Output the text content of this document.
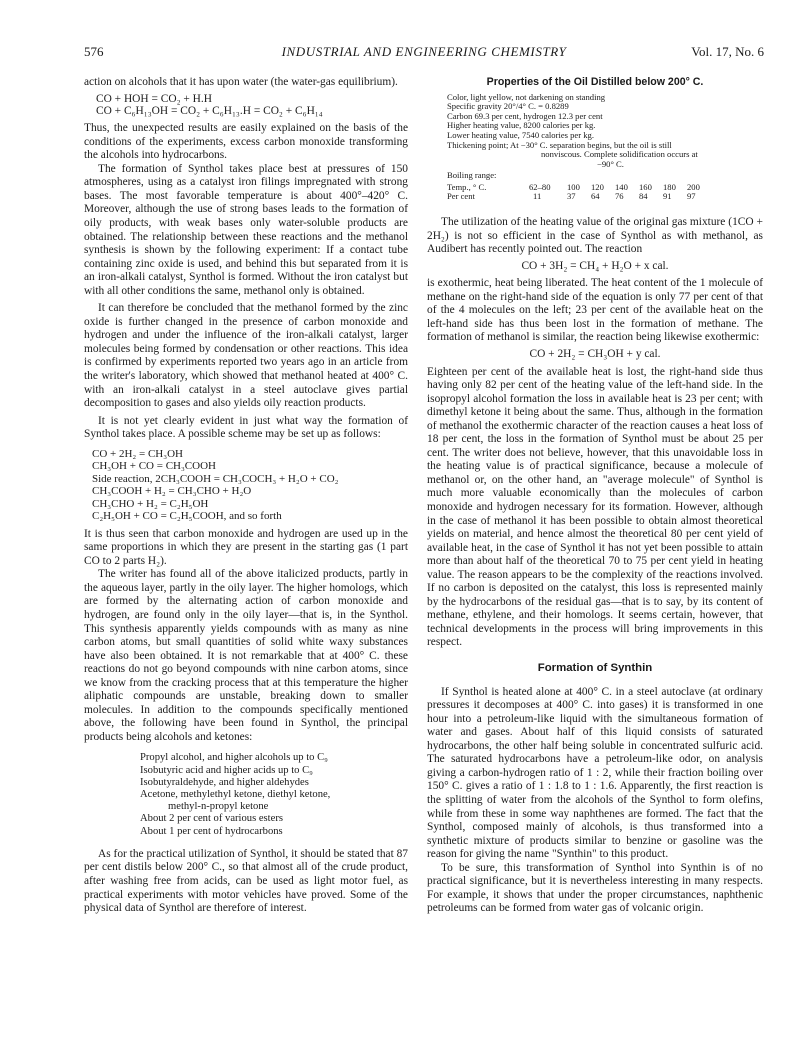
576	INDUSTRIAL AND ENGINEERING CHEMISTRY	Vol. 17, No. 6

action on alcohols that it has upon water (the water-gas equilibrium).

CO + HOH = CO₂ + H.H
CO + C₆H₁₃OH = CO₂ + C₆H₁₃.H = CO₂ + C₆H₁₄

Thus, the unexpected results are easily explained on the basis of the conditions of the experiments, excess carbon monoxide transforming the alcohols into hydrocarbons.

The formation of Synthol takes place best at pressures of 150 atmospheres, using as a catalyst iron filings impregnated with strong bases. The most favorable temperature is about 400°–420° C. Moreover, although the use of strong bases leads to the formation of oily products, with weak bases only water-soluble products are obtained. The relationship between these reactions and the methanol synthesis is shown by the following experiment: If a contact tube containing zinc oxide is used, and behind this but separated from it is an iron-alkali catalyst, Synthol is formed. Without the iron catalyst but with all other conditions the same, methanol only is obtained.

It can therefore be concluded that the methanol formed by the zinc oxide is further changed in the presence of carbon monoxide and hydrogen and under the influence of the iron-alkali catalyst, larger molecules being formed by condensation or other reactions. This idea is confirmed by experiments reported two years ago in an article from the writer's laboratory, which showed that methanol heated at 400° C. with an iron-alkali catalyst in a steel autoclave gives partial decomposition to gases and also yields oily reaction products.

It is not yet clearly evident in just what way the formation of Synthol takes place. A possible scheme may be set up as follows:

CO + 2H₂ = CH₃OH
CH₃OH + CO = CH₃COOH
Side reaction, 2CH₃COOH = CH₃COCH₃ + H₂O + CO₂
CH₃COOH + H₂ = CH₃CHO + H₂O
CH₃CHO + H₂ = C₂H₅OH
C₂H₅OH + CO = C₂H₅COOH, and so forth

It is thus seen that carbon monoxide and hydrogen are used up in the same proportions in which they are present in the starting gas (1 part CO to 2 parts H₂).

The writer has found all of the above italicized products, partly in the aqueous layer, partly in the oily layer. The higher homologs, which are formed by the alternating action of carbon monoxide and hydrogen, are found only in the oily layer—that is, in the Synthol. This synthesis apparently yields compounds with as many as nine carbon atoms, but small quantities of solid white waxy substances have also been obtained. It is not remarkable that at 400° C. these reactions do not go beyond compounds with nine carbon atoms, since we know from the cracking process that at this temperature the higher aliphatic compounds are unstable, breaking down to smaller molecules. In addition to the compounds specifically mentioned above, the following have been found in Synthol, the principal products being alcohols and ketones:

Propyl alcohol, and higher alcohols up to C₉
Isobutyric acid and higher acids up to C₉
Isobutyraldehyde, and higher aldehydes
Acetone, methylethyl ketone, diethyl ketone,
methyl-n-propyl ketone
About 2 per cent of various esters
About 1 per cent of hydrocarbons

As for the practical utilization of Synthol, it should be stated that 87 per cent distils below 200° C., so that almost all of the crude product, after washing free from acids, can be used as light motor fuel, as practical experiments with motor vehicles have proved. Some of the physical data of Synthol are therefore of interest.

Properties of the Oil Distilled below 200° C.
Color, light yellow, not darkening on standing
Specific gravity 20°/4° C. = 0.8289
Carbon 69.3 per cent, hydrogen 12.3 per cent
Higher heating value, 8200 calories per kg.
Lower heating value, 7540 calories per kg.
Thickening point; At −30° C. separation begins, but the oil is still
nonviscous. Complete solidification occurs at
−90° C.
Boiling range:
Temp., ° C.	62–80	100	120	140	160	180	200
Per cent	11	37	64	76	84	91	97

The utilization of the heating value of the original gas mixture (1CO + 2H₂) is not so efficient in the case of Synthol as with methanol, as Audibert has recently pointed out. The reaction

CO + 3H₂ = CH₄ + H₂O + x cal.

is exothermic, heat being liberated. The heat content of the 1 molecule of methane on the right-hand side of the equation is only 77 per cent of that of the 4 molecules on the left; 23 per cent of the available heat on the left-hand side has thus been lost in the formation of methane. The formation of methanol is similar, the reaction being likewise exothermic:

CO + 2H₂ = CH₃OH + y cal.

Eighteen per cent of the available heat is lost, the right-hand side thus having only 82 per cent of the heating value of the left-hand side. In the isopropyl alcohol formation the loss in available heat is 23 per cent; with dimethyl ketone it being about the same. Thus, although in the formation of methanol the exothermic character of the reaction causes a heat loss of 18 per cent, the loss in the formation of Synthol must be about 25 per cent. The writer does not believe, however, that this unavoidable loss in the heating value is of practical significance, because a molecule of methanol or, on the other hand, an "average molecule" of Synthol is much more valuable economically than the molecules of carbon monoxide and hydrogen necessary for its formation. However, although in the case of methanol it has been possible to obtain almost theoretical yields on material, and hence almost the theoretical 80 per cent yield of available heat, in the case of Synthol it has not yet been possible to attain more than about half of the theoretical 70 to 75 per cent yield in heating value. The reason appears to be the complexity of the reactions involved. If no carbon is deposited on the catalyst, this loss is represented mainly by the hydrocarbons of the residual gas—that is to say, by its content of methane, ethylene, and their homologs. It seems certain, however, that technical developments in the process will bring improvements in this respect.

Formation of Synthin

If Synthol is heated alone at 400° C. in a steel autoclave (at ordinary pressures it decomposes at 400° C. into gases) it is transformed in one hour into a petroleum-like liquid with the simultaneous formation of water and gases. About half of this liquid consists of saturated hydrocarbons, the other half being soluble in concentrated sulfuric acid. The saturated hydrocarbons have a petroleum-like odor, on analysis giving a carbon-hydrogen ratio of 1 : 2, while their fraction boiling over 150° C. gives a ratio of 1 : 1.8 to 1 : 1.6. Apparently, the first reaction is the splitting of water from the alcohols of the Synthol to form olefins, while from these in some way naphthenes are formed. The fact that the Synthol, composed mainly of alcohols, is thus transformed into a synthetic mixture of products similar to benzine or gasoline was the reason for giving the name "Synthin" to this product.

To be sure, this transformation of Synthol into Synthin is of no practical significance, but it is nevertheless interesting in many respects. For example, it shows that under the proper circumstances, naphthenic petroleums can be formed from water gas of volcanic origin.
